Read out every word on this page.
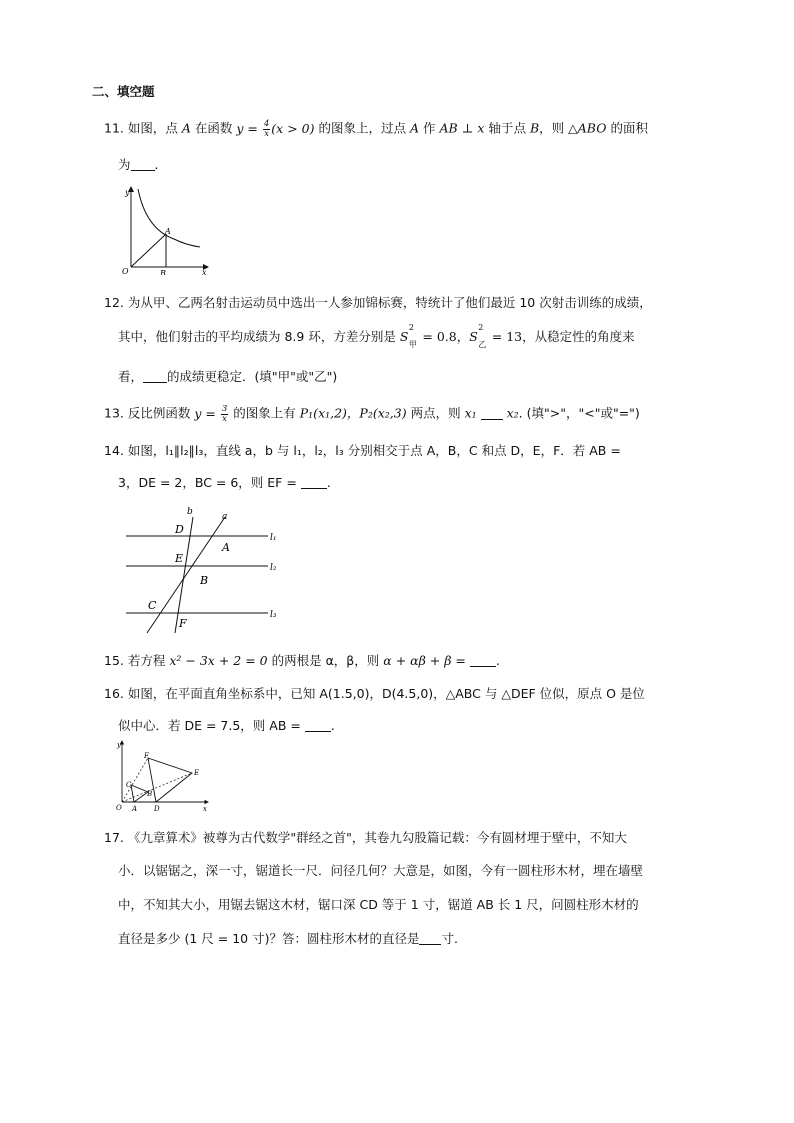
二、填空题
11. 如图，点 A 在函数 $y = \frac{4}{x} (x > 0)$ 的图象上，过点 A 作 AB ⊥ x 轴于点 B，则 △ABO 的面积
为 .
y
x
O
A
B
12. 为从甲、乙两名射击运动员中选出一人参加锦标赛，特统计了他们最近 10 次射击训练的成绩，
其中，他们射击的平均成绩为 8.9 环，方差分别是 S
2
甲
= 0.8，S
2
乙
= 13，从稳定性的角度来
看， 的成绩更稳定．(填"甲"或"乙")
13. 反比例函数 $y = \frac{3}{x}$ 的图象上有 P₁(x₁,2)，P₂(x₂,3) 两点，则 x₁ x₂. (填">"，"<"或"=")
14. 如图，l₁∥l₂∥l₃，直线 a，b 与 l₁，l₂，l₃ 分别相交于点 A，B，C 和点 D，E，F．若 AB =
3，DE = 2，BC = 6，则 EF = .
b	a
D
E
A
B
C
F
l₁
l₂
l₃
15. 若方程 x² − 3x + 2 = 0 的两根是 α，β，则 α + αβ + β = .
16. 如图，在平面直角坐标系中，已知 A(1.5,0)，D(4.5,0)，△ABC 与 △DEF 位似，原点 O 是位
似中心．若 DE = 7.5，则 AB = .
y
x
O A D
F
E
C
B
17. 《九章算术》被尊为古代数学"群经之首"，其卷九勾股篇记载：今有圆材埋于壁中，不知大
小．以锯锯之，深一寸，锯道长一尺．问径几何？大意是，如图，今有一圆柱形木材，埋在墙壁
中，不知其大小，用锯去锯这木材，锯口深 CD 等于 1 寸，锯道 AB 长 1 尺，问圆柱形木材的
直径是多少 (1 尺 = 10 寸)？答：圆柱形木材的直径是 寸.
